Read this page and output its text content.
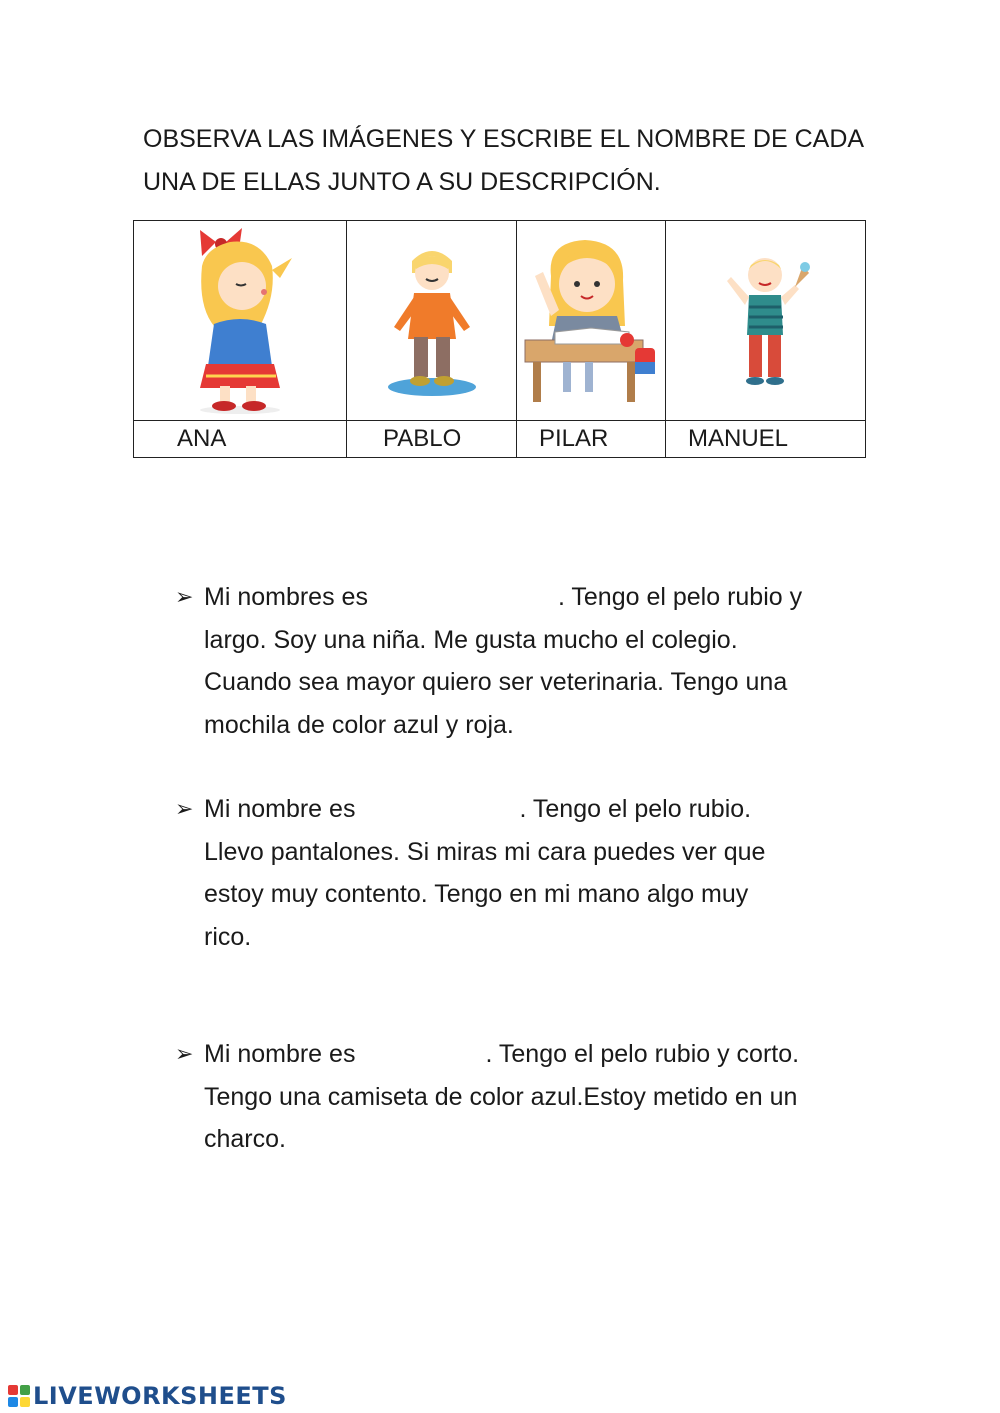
OBSERVA LAS IMÁGENES Y ESCRIBE EL NOMBRE DE CADA
UNA DE ELLAS JUNTO A SU DESCRIPCIÓN.

ANA	PABLO	PILAR	MANUEL
➢ Mi nombres es	. Tengo el pelo rubio y
largo. Soy una niña. Me gusta mucho el colegio.
Cuando sea mayor quiero ser veterinaria. Tengo una
mochila de color azul y roja.
➢ Mi nombre es	. Tengo el pelo rubio.
Llevo pantalones. Si miras mi cara puedes ver que
estoy muy contento. Tengo en mi mano algo muy
rico.
➢ Mi nombre es	. Tengo el pelo rubio y corto.
Tengo una camiseta de color azul.Estoy metido en un
charco.
LIVEWORKSHEETS
